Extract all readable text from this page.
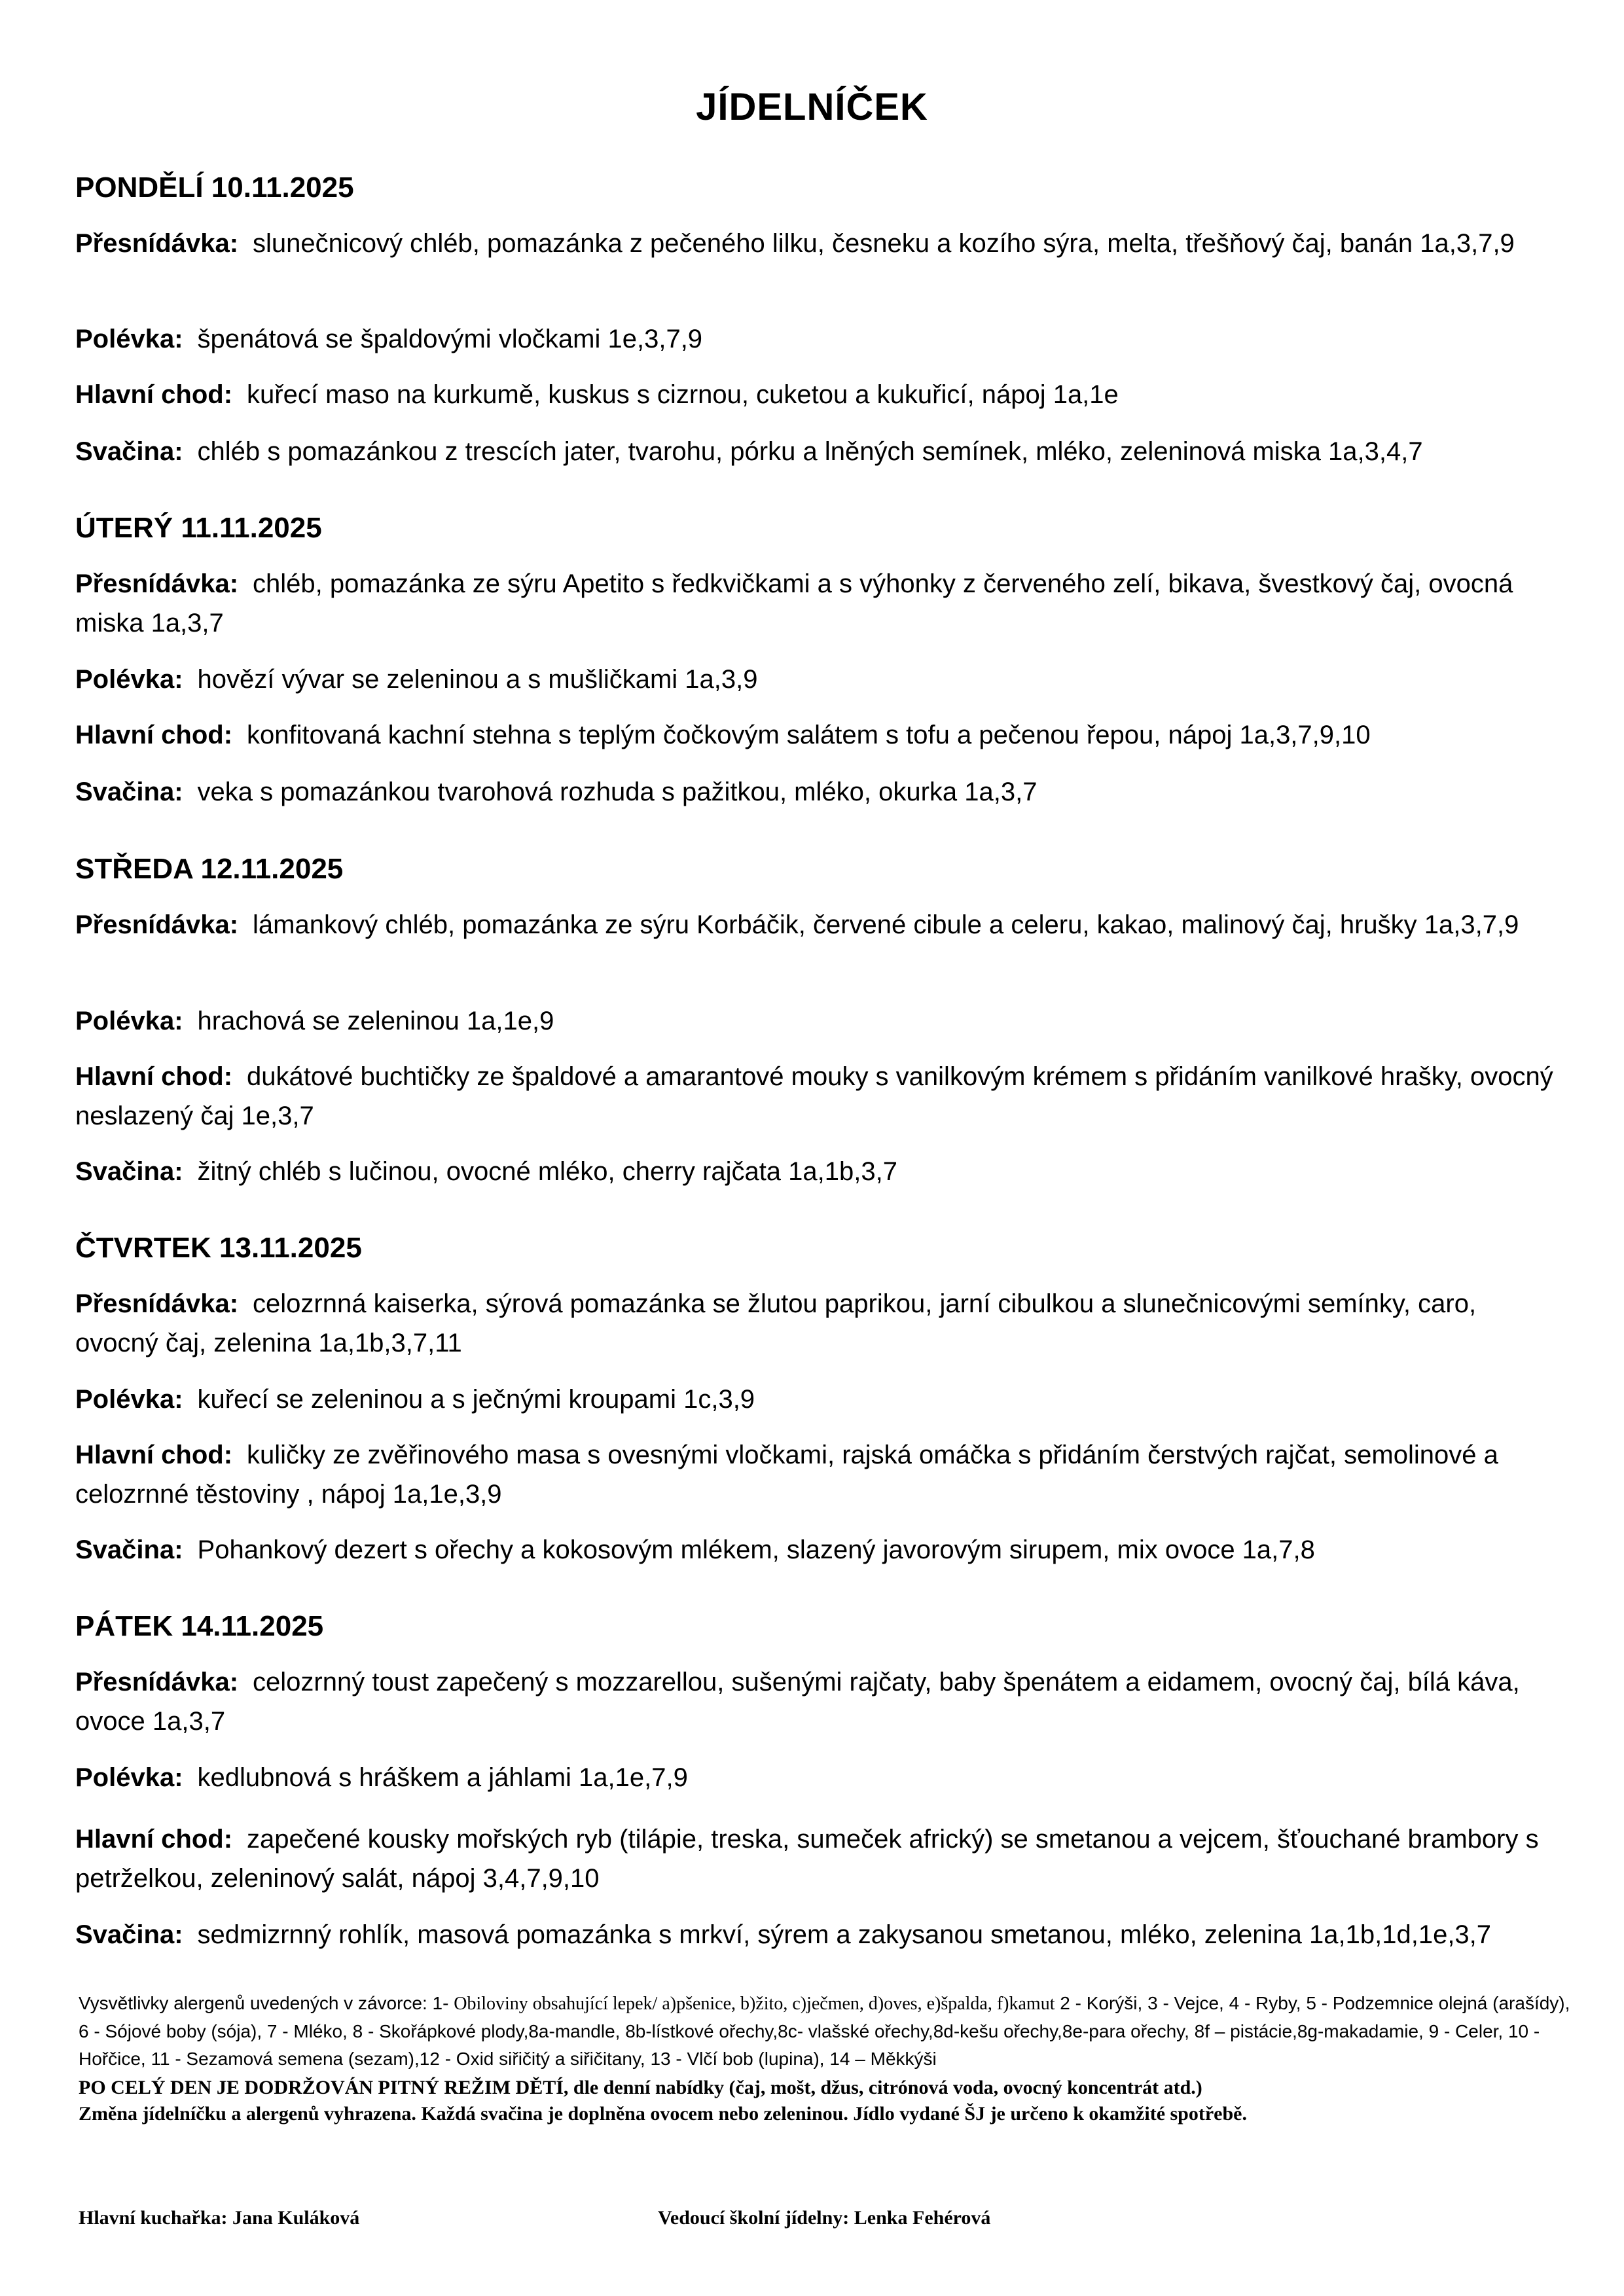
JÍDELNÍČEK
PONDĚLÍ 10.11.2025
Přesnídávka: slunečnicový chléb, pomazánka z pečeného lilku, česneku a kozího sýra, melta, třešňový čaj, banán 1a,3,7,9
Polévka: špenátová se špaldovými vločkami 1e,3,7,9
Hlavní chod: kuřecí maso na kurkumě, kuskus s cizrnou, cuketou a kukuřicí, nápoj 1a,1e
Svačina: chléb s pomazánkou z trescích jater, tvarohu, pórku a lněných semínek, mléko, zeleninová miska 1a,3,4,7
ÚTERÝ 11.11.2025
Přesnídávka: chléb, pomazánka ze sýru Apetito s ředkvičkami a s výhonky z červeného zelí, bikava, švestkový čaj, ovocná miska 1a,3,7
Polévka: hovězí vývar se zeleninou a s mušličkami 1a,3,9
Hlavní chod: konfitovaná kachní stehna s teplým čočkovým salátem s tofu a pečenou řepou, nápoj 1a,3,7,9,10
Svačina: veka s pomazánkou tvarohová rozhuda s pažitkou, mléko, okurka 1a,3,7
STŘEDA 12.11.2025
Přesnídávka: lámankový chléb, pomazánka ze sýru Korbáčik, červené cibule a celeru, kakao, malinový čaj, hrušky 1a,3,7,9
Polévka: hrachová se zeleninou 1a,1e,9
Hlavní chod: dukátové buchtičky ze špaldové a amarantové mouky s vanilkovým krémem s přidáním vanilkové hrašky, ovocný neslazený čaj 1e,3,7
Svačina: žitný chléb s lučinou, ovocné mléko, cherry rajčata 1a,1b,3,7
ČTVRTEK 13.11.2025
Přesnídávka: celozrnná kaiserka, sýrová pomazánka se žlutou paprikou, jarní cibulkou a slunečnicovými semínky, caro, ovocný čaj, zelenina 1a,1b,3,7,11
Polévka: kuřecí se zeleninou a s ječnými kroupami 1c,3,9
Hlavní chod: kuličky ze zvěřinového masa s ovesnými vločkami, rajská omáčka s přidáním čerstvých rajčat, semolinové a celozrnné těstoviny , nápoj 1a,1e,3,9
Svačina: Pohankový dezert s ořechy a kokosovým mlékem, slazený javorovým sirupem, mix ovoce 1a,7,8
PÁTEK 14.11.2025
Přesnídávka: celozrnný toust zapečený s mozzarellou, sušenými rajčaty, baby špenátem a eidamem, ovocný čaj, bílá káva, ovoce 1a,3,7
Polévka: kedlubnová s hráškem a jáhlami 1a,1e,7,9
Hlavní chod: zapečené kousky mořských ryb (tilápie, treska, sumeček africký) se smetanou a vejcem, šťouchané brambory s petrželkou, zeleninový salát, nápoj 3,4,7,9,10
Svačina: sedmizrnný rohlík, masová pomazánka s mrkví, sýrem a zakysanou smetanou, mléko, zelenina 1a,1b,1d,1e,3,7
Vysvětlivky alergenů uvedených v závorce: 1- Obiloviny obsahující lepek/ a)pšenice, b)žito, c)ječmen, d)oves, e)špalda, f)kamut 2 - Korýši, 3 - Vejce, 4 - Ryby, 5 - Podzemnice olejná (arašídy), 6 - Sójové boby (sója), 7 - Mléko, 8 - Skořápkové plody,8a-mandle, 8b-lístkové ořechy,8c- vlašské ořechy,8d-kešu ořechy,8e-para ořechy, 8f – pistácie,8g-makadamie, 9 - Celer, 10 - Hořčice, 11 - Sezamová semena (sezam),12 - Oxid siřičitý a siřičitany, 13 - Vlčí bob (lupina), 14 – Měkkýši
PO CELÝ DEN JE DODRŽOVÁN PITNÝ REŽIM DĚTÍ, dle denní nabídky (čaj, mošt, džus, citrónová voda, ovocný koncentrát atd.)
Změna jídelníčku a alergenů vyhrazena. Každá svačina je doplněna ovocem nebo zeleninou. Jídlo vydané ŠJ je určeno k okamžité spotřebě.
Hlavní kuchařka: Jana Kuláková	Vedoucí školní jídelny: Lenka Fehérová
